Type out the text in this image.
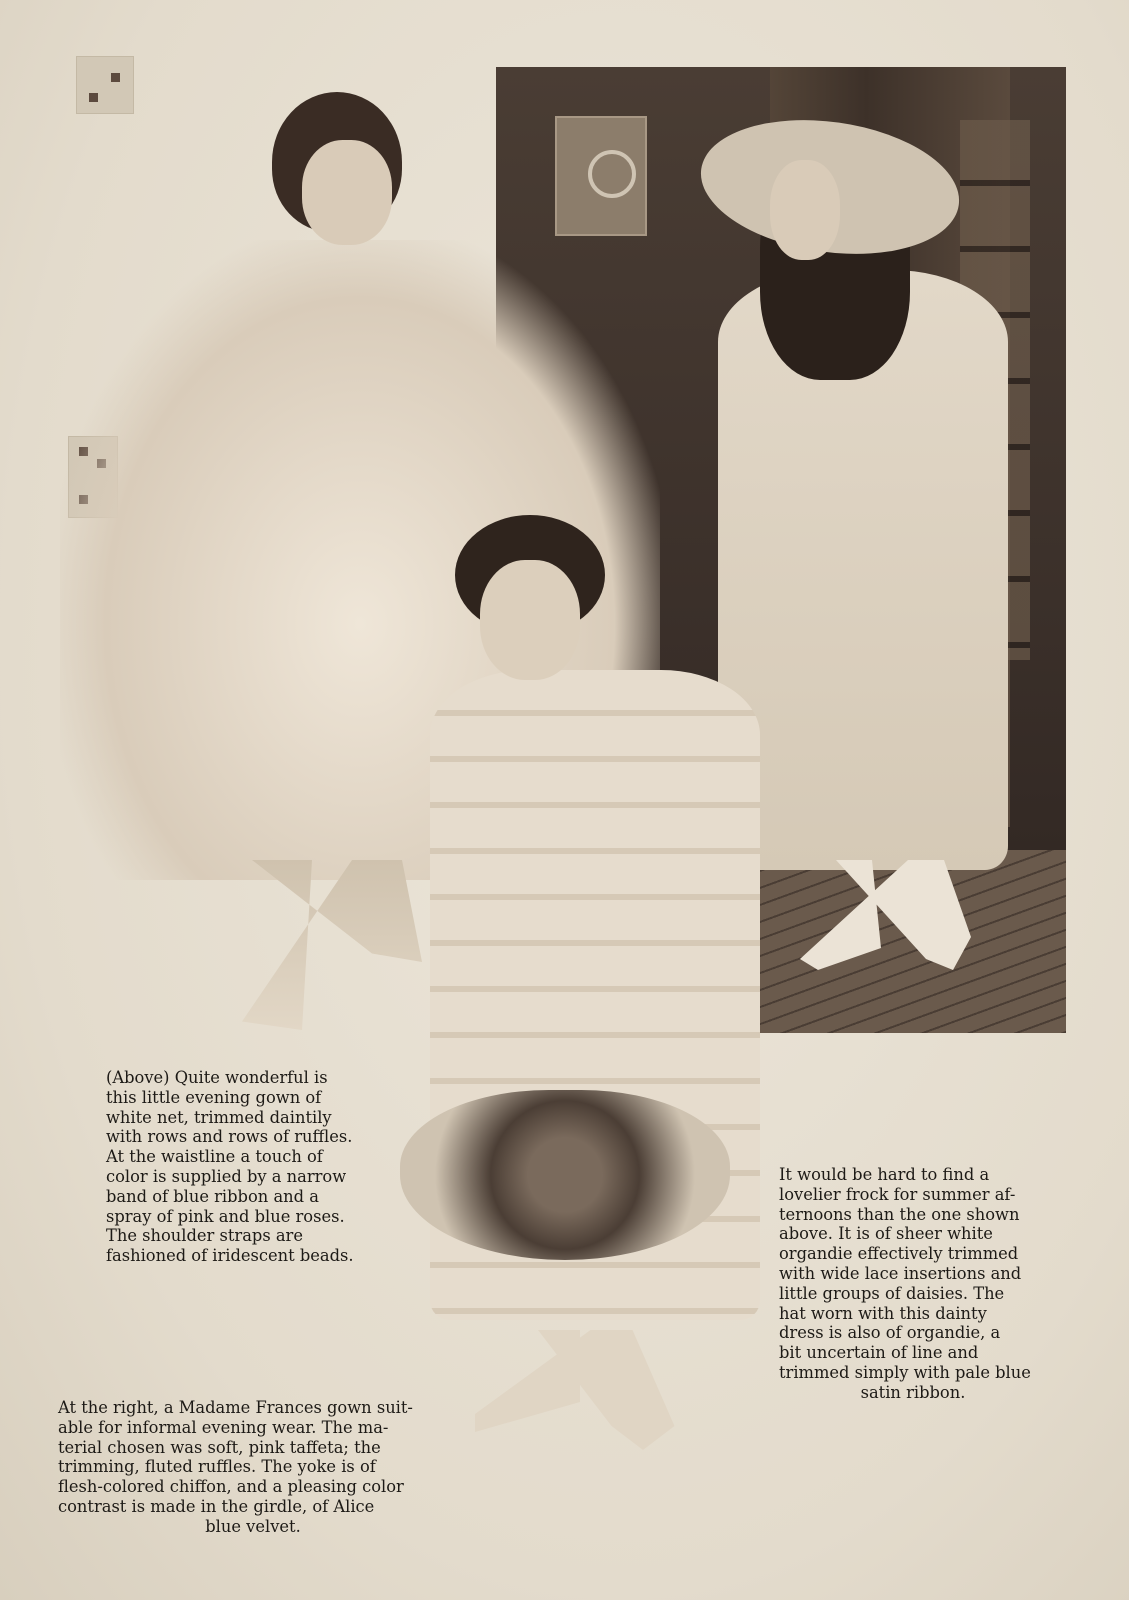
(Above) Quite wonderful is
this little evening gown of
white net, trimmed daintily
with rows and rows of ruffles.
At the waistline a touch of
color is supplied by a narrow
band of blue ribbon and a
spray of pink and blue roses.
The shoulder straps are
fashioned of iridescent beads.
It would be hard to find a
lovelier frock for summer af-
ternoons than the one shown
above. It is of sheer white
organdie effectively trimmed
with wide lace insertions and
little groups of daisies. The
hat worn with this dainty
dress is also of organdie, a
bit uncertain of line and
trimmed simply with pale blue
satin ribbon.
At the right, a Madame Frances gown suit-
able for informal evening wear. The ma-
terial chosen was soft, pink taffeta; the
trimming, fluted ruffles. The yoke is of
flesh-colored chiffon, and a pleasing color
contrast is made in the girdle, of Alice
blue velvet.
